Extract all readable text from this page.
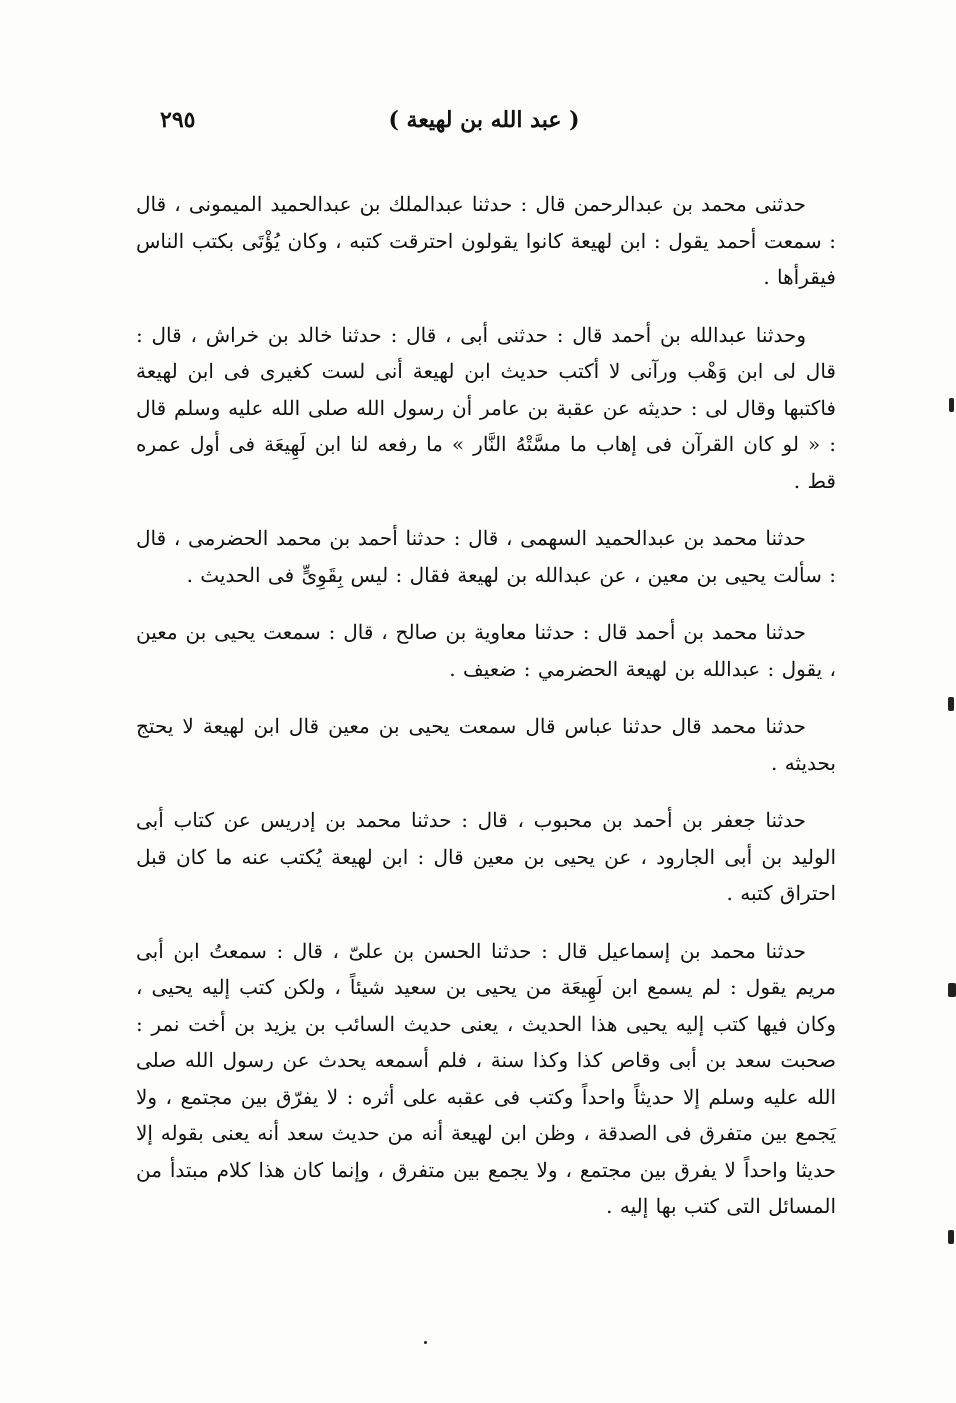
( عبد الله بن لهيعة )
٢٩٥

حدثنى محمد بن عبدالرحمن قال : حدثنا عبدالملك بن عبدالحميد الميمونى ، قال : سمعت أحمد يقول : ابن لهيعة كانوا يقولون احترقت كتبه ، وكان يُؤْتَى بكتب الناس فيقرأها .

وحدثنا عبدالله بن أحمد قال : حدثنى أبى ، قال : حدثنا خالد بن خراش ، قال : قال لى ابن وَهْب ورآنى لا أكتب حديث ابن لهيعة أنى لست كغيرى فى ابن لهيعة فاكتبها وقال لى : حديثه عن عقبة بن عامر أن رسول الله صلى الله عليه وسلم قال : « لو كان القرآن فى إهاب ما مسَّتْهُ النَّار » ما رفعه لنا ابن لَهِيعَة فى أول عمره قط .

حدثنا محمد بن عبدالحميد السهمى ، قال : حدثنا أحمد بن محمد الحضرمى ، قال : سألت يحيى بن معين ، عن عبدالله بن لهيعة فقال : ليس بِقَوِىٍّ فى الحديث .

حدثنا محمد بن أحمد قال : حدثنا معاوية بن صالح ، قال : سمعت يحيى بن معين ، يقول : عبدالله بن لهيعة الحضرمي : ضعيف .

حدثنا محمد قال حدثنا عباس قال سمعت يحيى بن معين قال ابن لهيعة لا يحتج بحديثه .

حدثنا جعفر بن أحمد بن محبوب ، قال : حدثنا محمد بن إدريس عن كتاب أبى الوليد بن أبى الجارود ، عن يحيى بن معين قال : ابن لهيعة يُكتب عنه ما كان قبل احتراق كتبه .

حدثنا محمد بن إسماعيل قال : حدثنا الحسن بن علىّ ، قال : سمعتُ ابن أبى مريم يقول : لم يسمع ابن لَهِيعَة من يحيى بن سعيد شيئاً ، ولكن كتب إليه يحيى ، وكان فيها كتب إليه يحيى هذا الحديث ، يعنى حديث السائب بن يزيد بن أخت نمر : صحبت سعد بن أبى وقاص كذا وكذا سنة ، فلم أسمعه يحدث عن رسول الله صلى الله عليه وسلم إلا حديثاً واحداً وكتب فى عقبه على أثره : لا يفرّق بين مجتمع ، ولا يَجمع بين متفرق فى الصدقة ، وظن ابن لهيعة أنه من حديث سعد أنه يعنى بقوله إلا حديثا واحداً لا يفرق بين مجتمع ، ولا يجمع بين متفرق ، وإنما كان هذا كلام مبتدأ من المسائل التى كتب بها إليه .
